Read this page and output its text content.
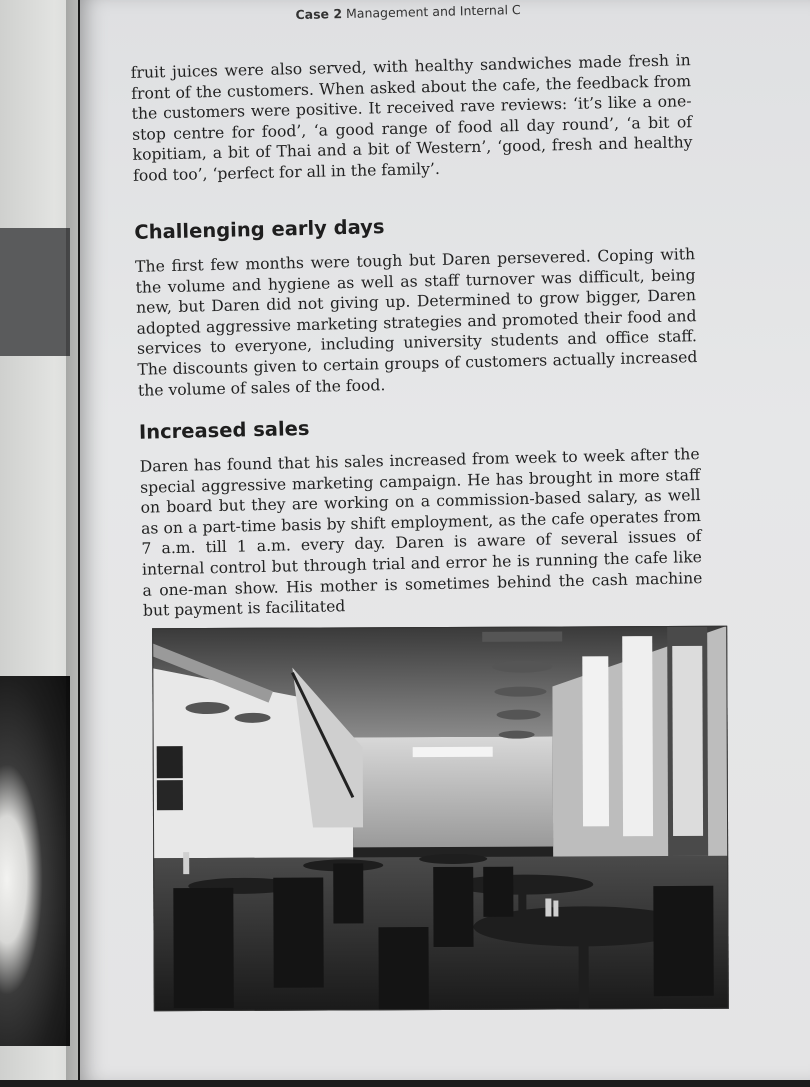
Case 2 Management and Internal C

fruit juices were also served, with healthy sandwiches made fresh in front of the customers. When asked about the cafe, the feedback from the customers were positive. It received rave reviews: ‘it’s like a one-stop centre for food’, ‘a good range of food all day round’, ‘a bit of kopitiam, a bit of Thai and a bit of Western’, ‘good, fresh and healthy food too’, ‘perfect for all in the family’.

Challenging early days

The first few months were tough but Daren persevered. Coping with the volume and hygiene as well as staff turnover was difficult, being new, but Daren did not giving up. Determined to grow bigger, Daren adopted aggressive marketing strategies and promoted their food and services to everyone, including university students and office staff. The discounts given to certain groups of customers actually increased the volume of sales of the food.

Increased sales

Daren has found that his sales increased from week to week after the special aggressive marketing campaign. He has brought in more staff on board but they are working on a commission-based salary, as well as on a part-time basis by shift employment, as the cafe operates from 7 a.m. till 1 a.m. every day. Daren is aware of several issues of internal control but through trial and error he is running the cafe like a one-man show. His mother is sometimes behind the cash machine but payment is facilitated
